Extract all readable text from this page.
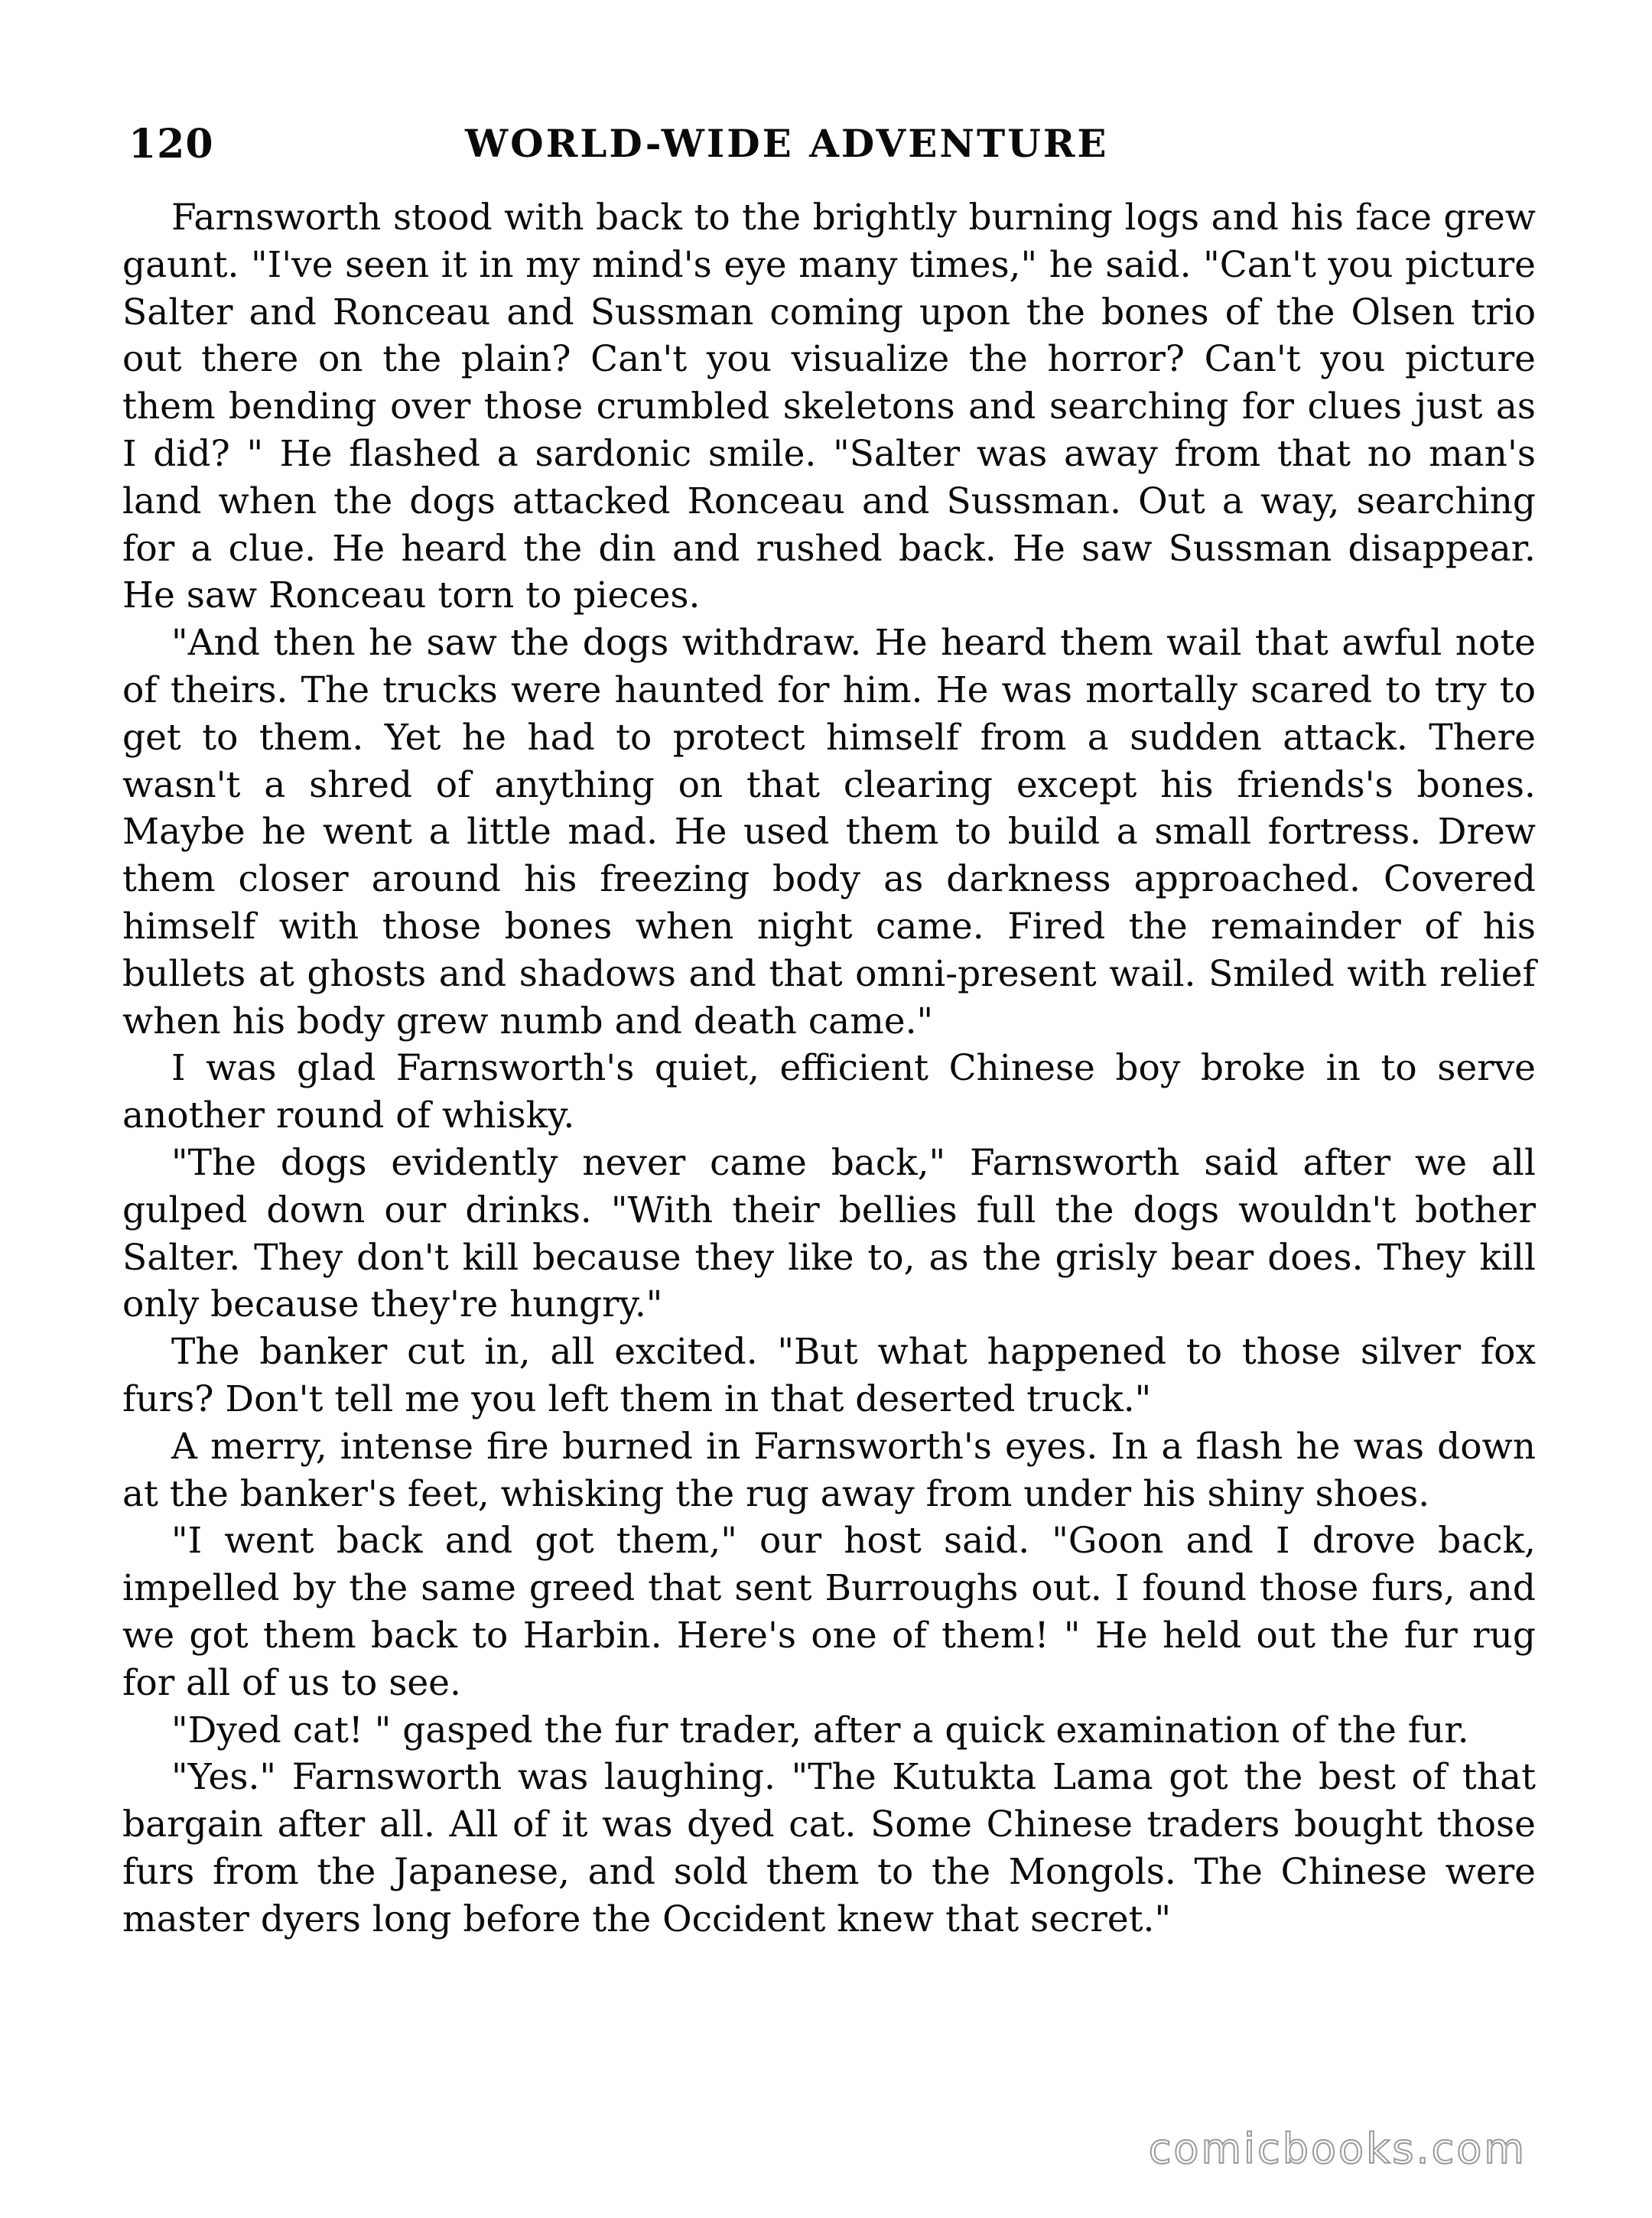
120	WORLD-WIDE ADVENTURE

Farnsworth stood with back to the brightly burning logs and his face grew gaunt. "I've seen it in my mind's eye many times," he said. "Can't you picture Salter and Ronceau and Sussman coming upon the bones of the Olsen trio out there on the plain? Can't you visualize the horror? Can't you picture them bending over those crumbled skeletons and searching for clues just as I did? " He flashed a sardonic smile. "Salter was away from that no man's land when the dogs attacked Ronceau and Sussman. Out a way, searching for a clue. He heard the din and rushed back. He saw Sussman disappear. He saw Ronceau torn to pieces.

"And then he saw the dogs withdraw. He heard them wail that awful note of theirs. The trucks were haunted for him. He was mortally scared to try to get to them. Yet he had to protect himself from a sudden attack. There wasn't a shred of anything on that clearing except his friends's bones. Maybe he went a little mad. He used them to build a small fortress. Drew them closer around his freezing body as darkness approached. Covered himself with those bones when night came. Fired the remainder of his bullets at ghosts and shadows and that omni-present wail. Smiled with relief when his body grew numb and death came."

I was glad Farnsworth's quiet, efficient Chinese boy broke in to serve another round of whisky.

"The dogs evidently never came back," Farnsworth said after we all gulped down our drinks. "With their bellies full the dogs wouldn't bother Salter. They don't kill because they like to, as the grisly bear does. They kill only because they're hungry."

The banker cut in, all excited. "But what happened to those silver fox furs? Don't tell me you left them in that deserted truck."

A merry, intense fire burned in Farnsworth's eyes. In a flash he was down at the banker's feet, whisking the rug away from under his shiny shoes.

"I went back and got them," our host said. "Goon and I drove back, impelled by the same greed that sent Burroughs out. I found those furs, and we got them back to Harbin. Here's one of them! " He held out the fur rug for all of us to see.

"Dyed cat! " gasped the fur trader, after a quick examination of the fur.

"Yes." Farnsworth was laughing. "The Kutukta Lama got the best of that bargain after all. All of it was dyed cat. Some Chinese traders bought those furs from the Japanese, and sold them to the Mongols. The Chinese were master dyers long before the Occident knew that secret."

comicbooks.com
